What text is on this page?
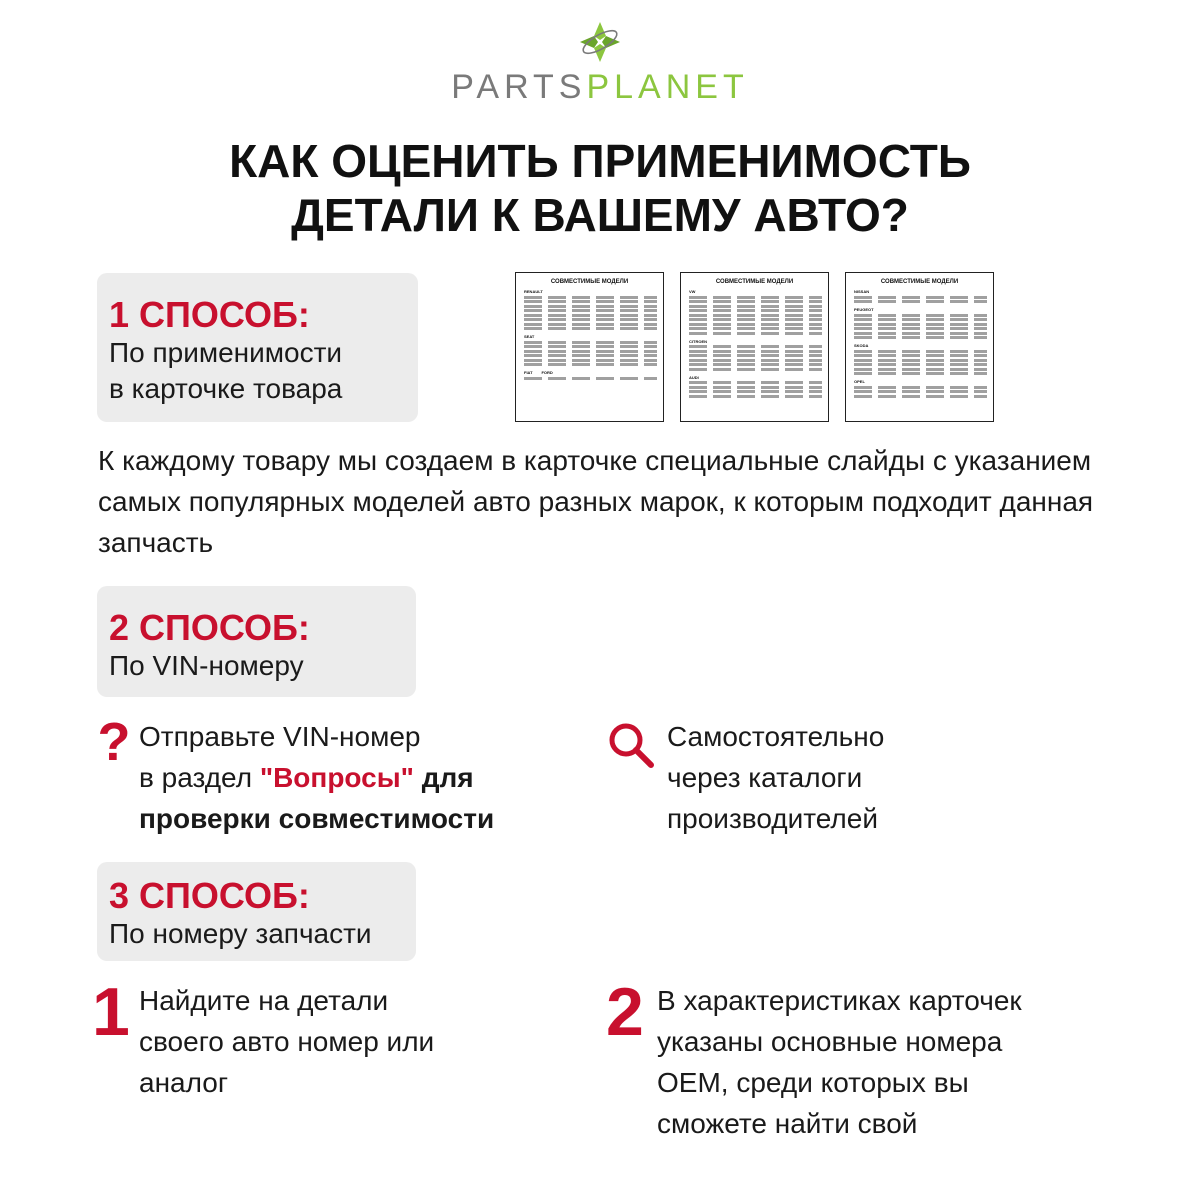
PARTSPLANET
КАК ОЦЕНИТЬ ПРИМЕНИМОСТЬ
ДЕТАЛИ К ВАШЕМУ АВТО?
1 СПОСОБ:
По применимости
в карточке товара
СОВМЕСТИМЫЕ МОДЕЛИ
RENAULT
SEAT
FIAT FORD
СОВМЕСТИМЫЕ МОДЕЛИ
VW
CITROEN
AUDI
СОВМЕСТИМЫЕ МОДЕЛИ
NISSAN
PEUGEOT
SKODA
OPEL
К каждому товару мы создаем в карточке специальные слайды с указанием самых популярных моделей авто разных марок, к которым подходит данная запчасть
2 СПОСОБ:
По VIN-номеру
? Отправьте VIN-номер
в раздел "Вопросы" для
проверки совместимости
Самостоятельно
через каталоги
производителей
3 СПОСОБ:
По номеру запчасти
1 Найдите на детали
своего авто номер или
аналог
2 В характеристиках карточек
указаны основные номера
OEM, среди которых вы
сможете найти свой
